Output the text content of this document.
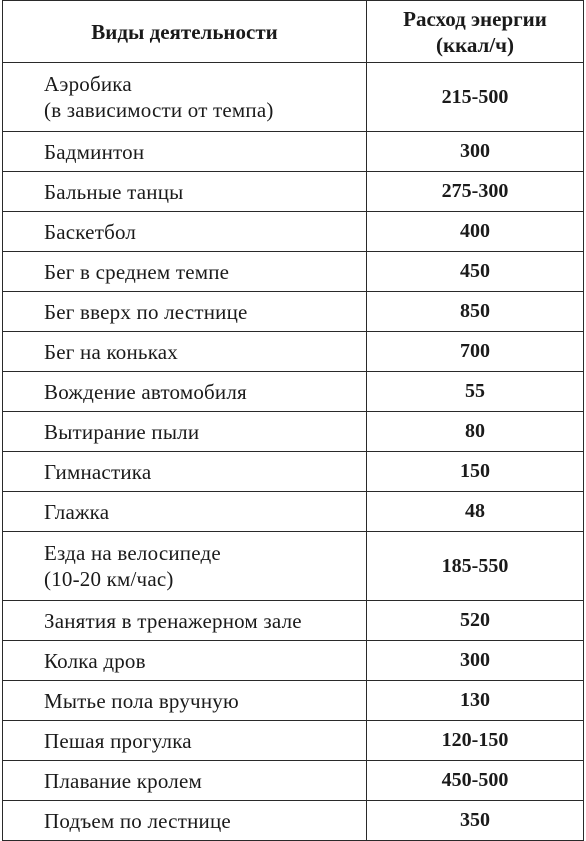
Виды деятельности	Расход энергии
(ккал/ч)

Аэробика
(в зависимости от темпа)	215-500

Бадминтон	300

Бальные танцы	275-300

Баскетбол	400

Бег в среднем темпе	450

Бег вверх по лестнице	850

Бег на коньках	700

Вождение автомобиля	55

Вытирание пыли	80

Гимнастика	150

Глажка	48

Езда на велосипеде
(10-20 км/час)	185-550

Занятия в тренажерном зале	520

Колка дров	300

Мытье пола вручную	130

Пешая прогулка	120-150

Плавание кролем	450-500

Подъем по лестнице	350
